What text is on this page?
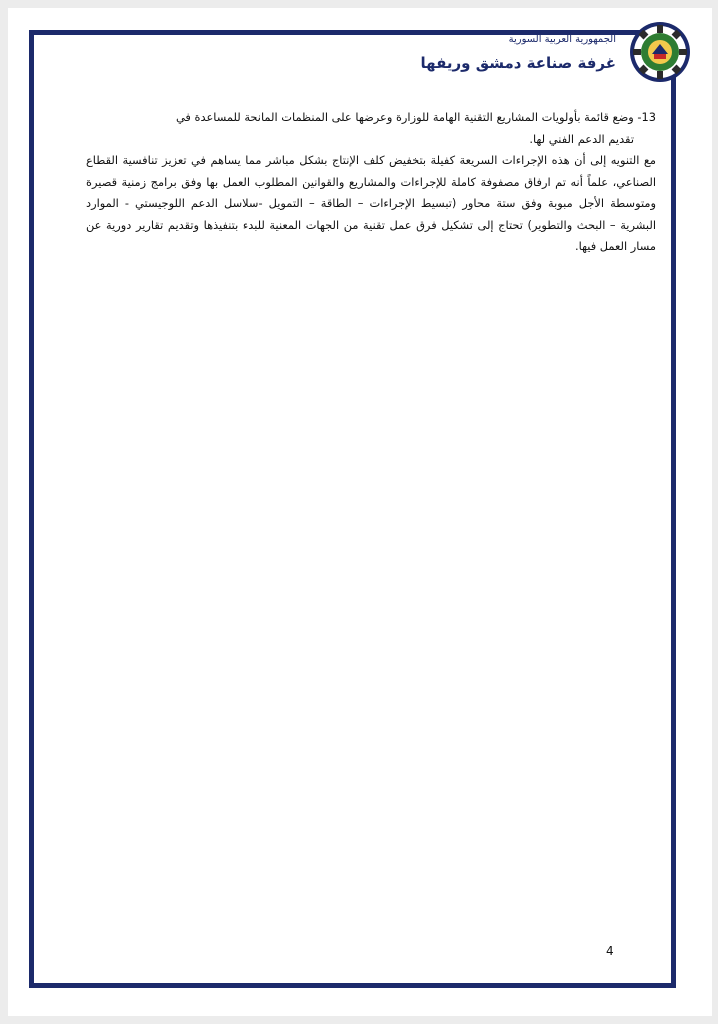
الجمهورية العربية السورية
غرفة صناعة دمشق وريفها

13- وضع قائمة بأولويات المشاريع التقنية الهامة للوزارة وعرضها على المنظمات المانحة للمساعدة في

تقديم الدعم الفني لها.

مع التنويه إلى أن هذه الإجراءات السريعة كفيلة بتخفيض كلف الإنتاج بشكل مباشر مما يساهم في تعزيز تنافسية القطاع الصناعي، علماً أنه تم ارفاق مصفوفة كاملة للإجراءات والمشاريع والقوانين المطلوب العمل بها وفق برامج زمنية قصيرة ومتوسطة الأجل مبوبة وفق ستة محاور (تبسيط الإجراءات – الطاقة – التمويل -سلاسل الدعم اللوجيستي - الموارد البشرية – البحث والتطوير) تحتاج إلى تشكيل فرق عمل تقنية من الجهات المعنية للبدء بتنفيذها وتقديم تقارير دورية عن مسار العمل فيها.

4
